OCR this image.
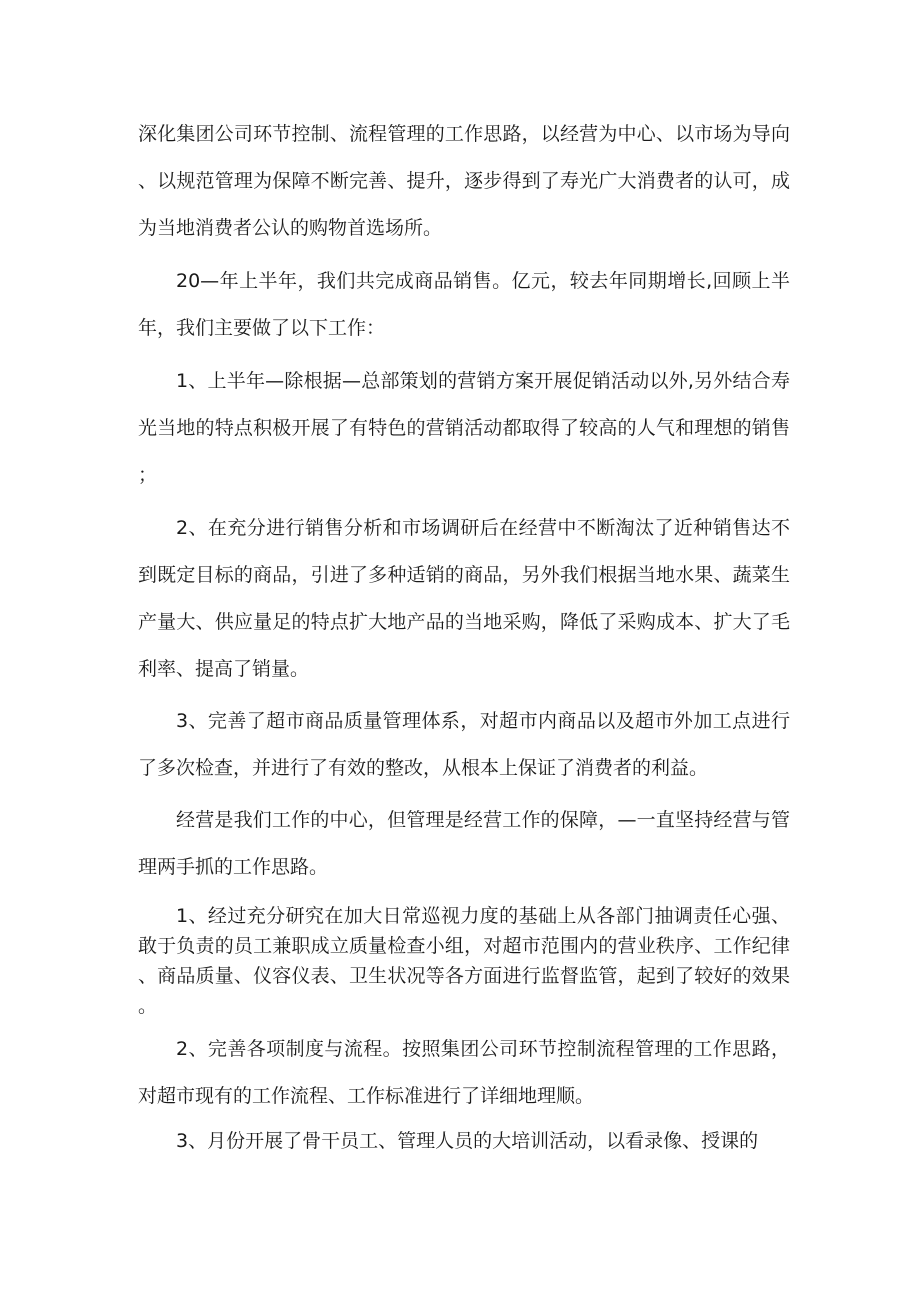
深化集团公司环节控制、流程管理的工作思路，以经营为中心、以市场为导向、以规范管理为保障不断完善、提升，逐步得到了寿光广大消费者的认可，成为当地消费者公认的购物首选场所。

20—年上半年，我们共完成商品销售。亿元，较去年同期增长,回顾上半年，我们主要做了以下工作：

1、上半年—除根据—总部策划的营销方案开展促销活动以外,另外结合寿光当地的特点积极开展了有特色的营销活动都取得了较高的人气和理想的销售；

2、在充分进行销售分析和市场调研后在经营中不断淘汰了近种销售达不到既定目标的商品，引进了多种适销的商品，另外我们根据当地水果、蔬菜生产量大、供应量足的特点扩大地产品的当地采购，降低了采购成本、扩大了毛利率、提高了销量。

3、完善了超市商品质量管理体系，对超市内商品以及超市外加工点进行了多次检查，并进行了有效的整改，从根本上保证了消费者的利益。

经营是我们工作的中心，但管理是经营工作的保障，—一直坚持经营与管理两手抓的工作思路。

1、经过充分研究在加大日常巡视力度的基础上从各部门抽调责任心强、敢于负责的员工兼职成立质量检查小组，对超市范围内的营业秩序、工作纪律、商品质量、仪容仪表、卫生状况等各方面进行监督监管，起到了较好的效果。

2、完善各项制度与流程。按照集团公司环节控制流程管理的工作思路，对超市现有的工作流程、工作标准进行了详细地理顺。

3、月份开展了骨干员工、管理人员的大培训活动，以看录像、授课的
